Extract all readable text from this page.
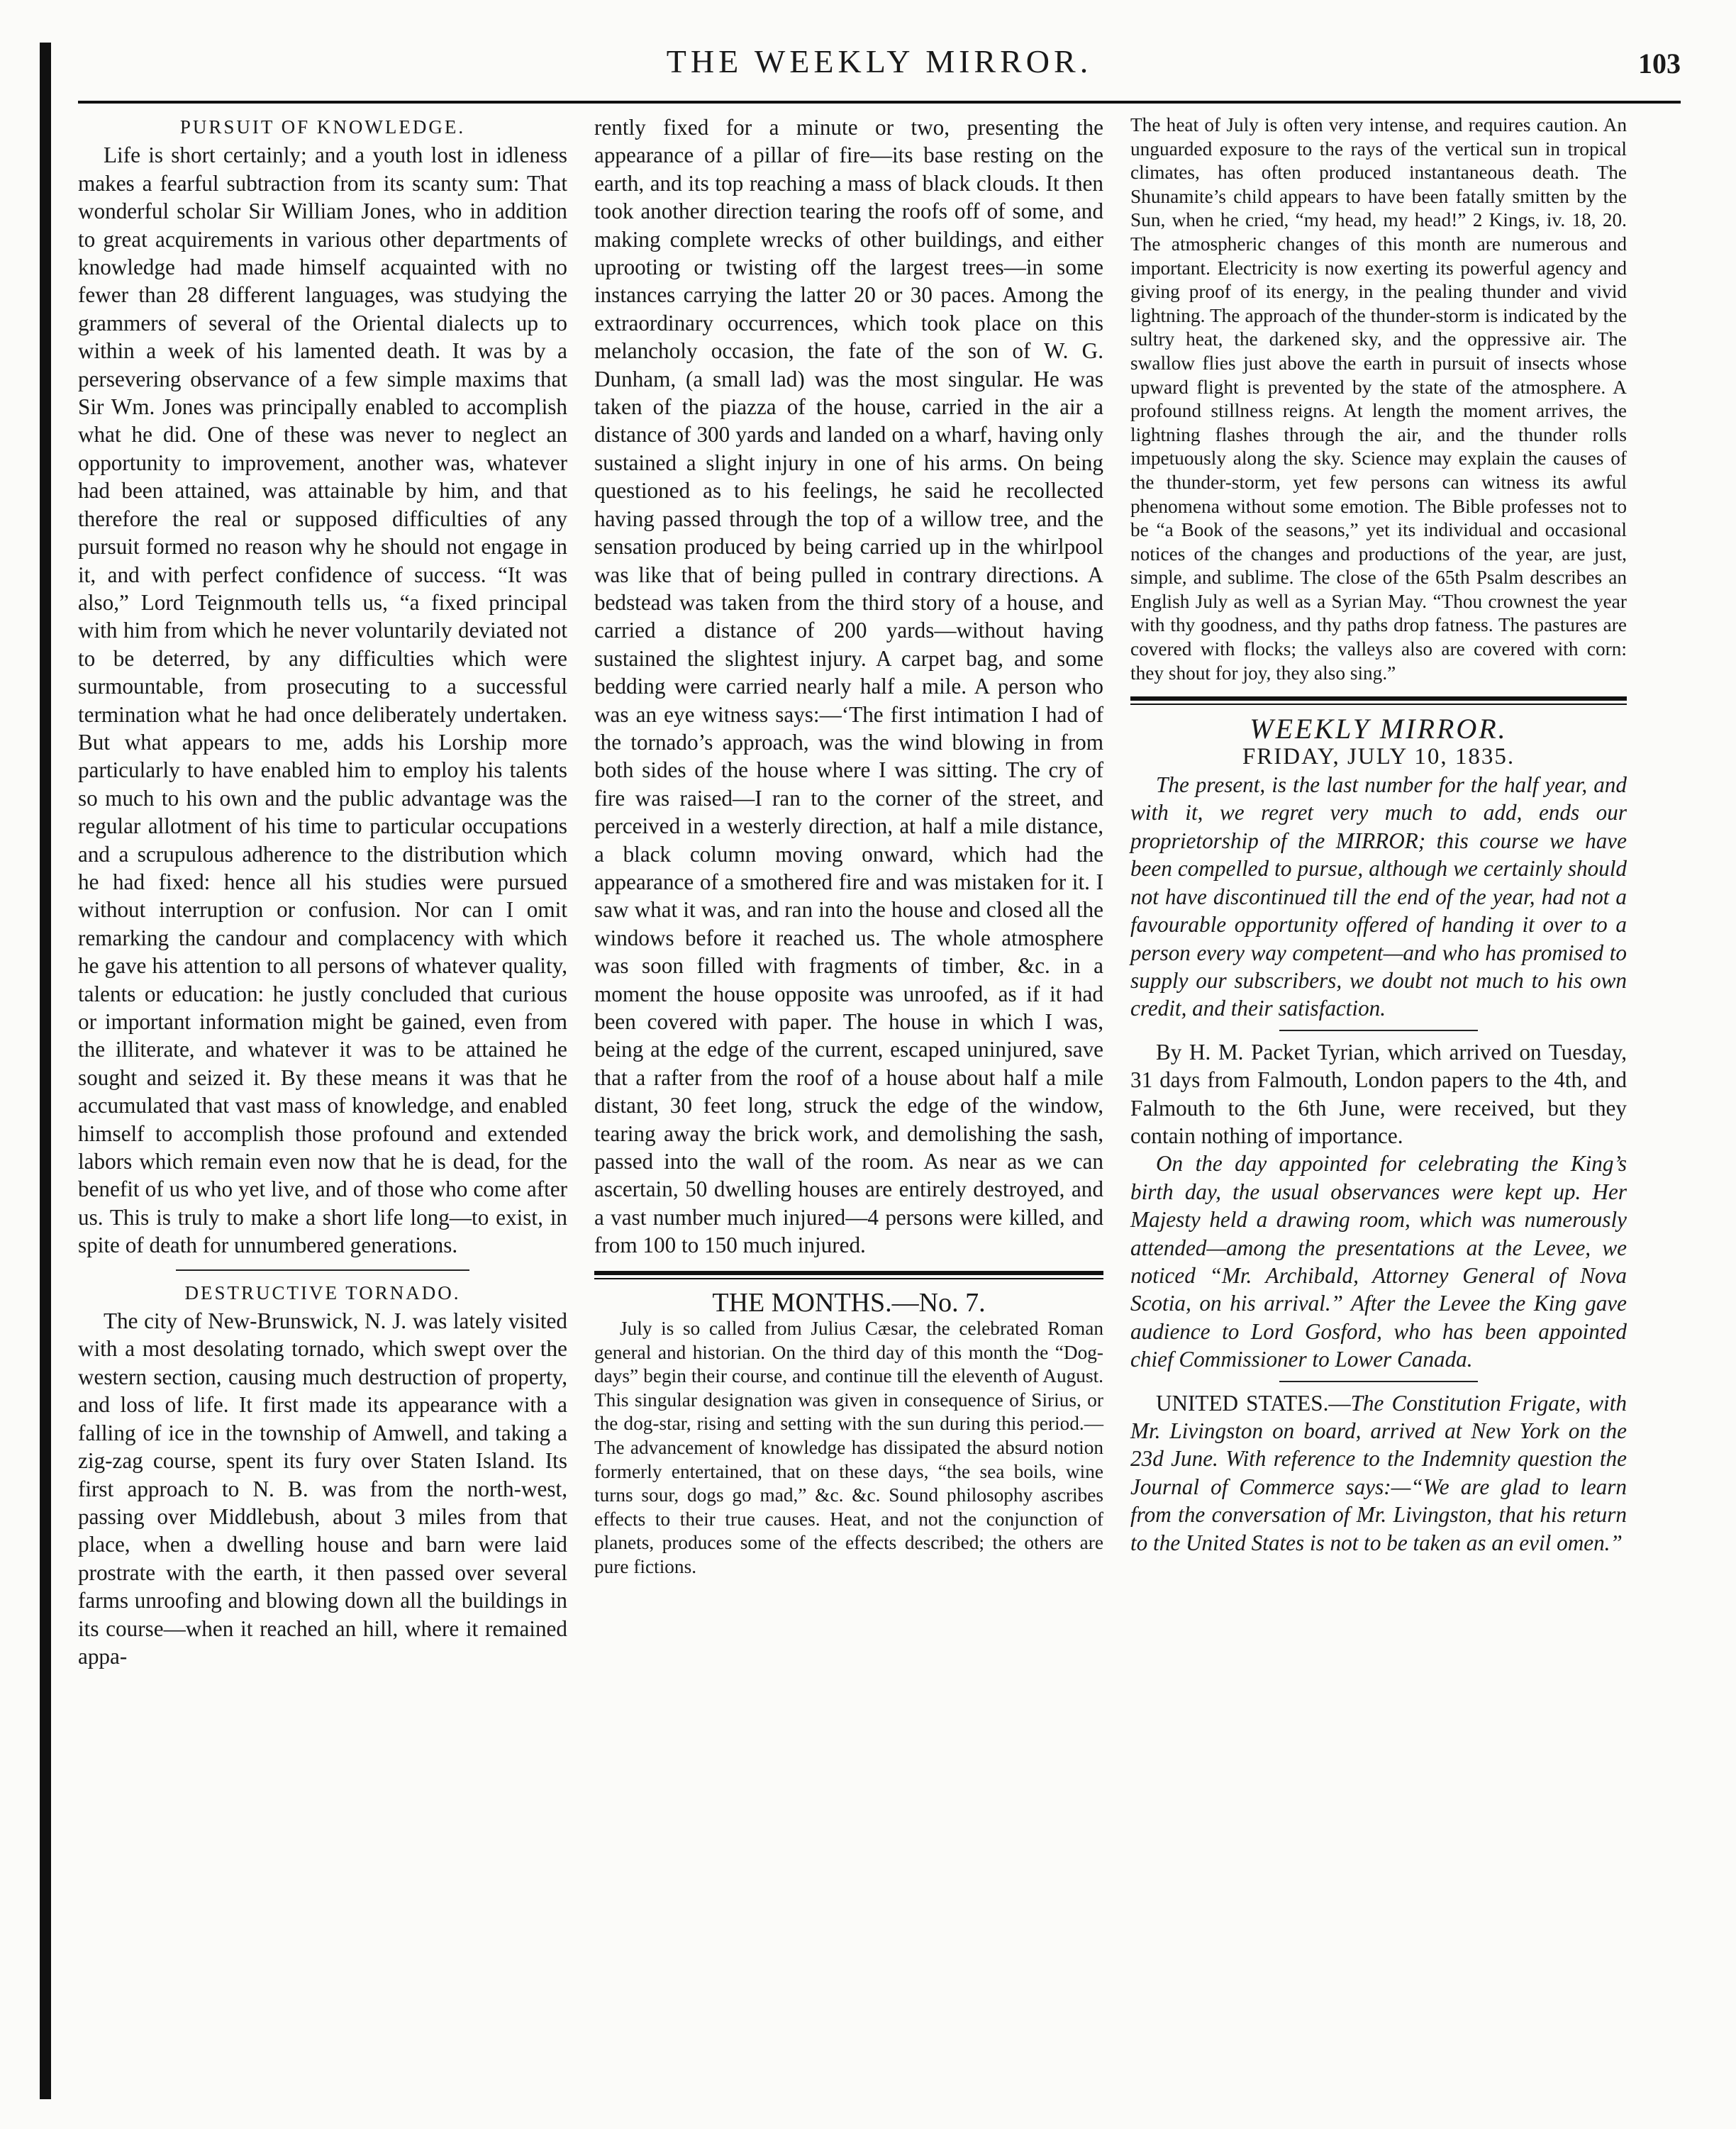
THE WEEKLY MIRROR.	103

PURSUIT OF KNOWLEDGE.

Life is short certainly; and a youth lost in idleness makes a fearful subtraction from its scanty sum: That wonderful scholar Sir William Jones, who in addition to great acquirements in various other departments of knowledge had made himself acquainted with no fewer than 28 different languages, was studying the grammers of several of the Oriental dialects up to within a week of his lamented death. It was by a persevering observance of a few simple maxims that Sir Wm. Jones was principally enabled to accomplish what he did. One of these was never to neglect an opportunity to improvement, another was, whatever had been attained, was attainable by him, and that therefore the real or supposed difficulties of any pursuit formed no reason why he should not engage in it, and with perfect confidence of success. “It was also,” Lord Teignmouth tells us, “a fixed principal with him from which he never voluntarily deviated not to be deterred, by any difficulties which were surmountable, from prosecuting to a successful termination what he had once deliberately undertaken. But what appears to me, adds his Lorship more particularly to have enabled him to employ his talents so much to his own and the public advantage was the regular allotment of his time to particular occupations and a scrupulous adherence to the distribution which he had fixed: hence all his studies were pursued without interruption or confusion. Nor can I omit remarking the candour and complacency with which he gave his attention to all persons of whatever quality, talents or education: he justly concluded that curious or important information might be gained, even from the illiterate, and whatever it was to be attained he sought and seized it. By these means it was that he accumulated that vast mass of knowledge, and enabled himself to accomplish those profound and extended labors which remain even now that he is dead, for the benefit of us who yet live, and of those who come after us. This is truly to make a short life long—to exist, in spite of death for unnumbered generations.

DESTRUCTIVE TORNADO.

The city of New-Brunswick, N. J. was lately visited with a most desolating tornado, which swept over the western section, causing much destruction of property, and loss of life. It first made its appearance with a falling of ice in the township of Amwell, and taking a zig-zag course, spent its fury over Staten Island. Its first approach to N. B. was from the north-west, passing over Middlebush, about 3 miles from that place, when a dwelling house and barn were laid prostrate with the earth, it then passed over several farms unroofing and blowing down all the buildings in its course—when it reached an hill, where it remained appa-

rently fixed for a minute or two, presenting the appearance of a pillar of fire—its base resting on the earth, and its top reaching a mass of black clouds. It then took another direction tearing the roofs off of some, and making complete wrecks of other buildings, and either uprooting or twisting off the largest trees—in some instances carrying the latter 20 or 30 paces. Among the extraordinary occurrences, which took place on this melancholy occasion, the fate of the son of W. G. Dunham, (a small lad) was the most singular. He was taken of the piazza of the house, carried in the air a distance of 300 yards and landed on a wharf, having only sustained a slight injury in one of his arms. On being questioned as to his feelings, he said he recollected having passed through the top of a willow tree, and the sensation produced by being carried up in the whirlpool was like that of being pulled in contrary directions. A bedstead was taken from the third story of a house, and carried a distance of 200 yards—without having sustained the slightest injury. A carpet bag, and some bedding were carried nearly half a mile. A person who was an eye witness says:—‘The first intimation I had of the tornado’s approach, was the wind blowing in from both sides of the house where I was sitting. The cry of fire was raised—I ran to the corner of the street, and perceived in a westerly direction, at half a mile distance, a black column moving onward, which had the appearance of a smothered fire and was mistaken for it. I saw what it was, and ran into the house and closed all the windows before it reached us. The whole atmosphere was soon filled with fragments of timber, &c. in a moment the house opposite was unroofed, as if it had been covered with paper. The house in which I was, being at the edge of the current, escaped uninjured, save that a rafter from the roof of a house about half a mile distant, 30 feet long, struck the edge of the window, tearing away the brick work, and demolishing the sash, passed into the wall of the room. As near as we can ascertain, 50 dwelling houses are entirely destroyed, and a vast number much injured—4 persons were killed, and from 100 to 150 much injured.

THE MONTHS.—No. 7.

July is so called from Julius Cæsar, the celebrated Roman general and historian. On the third day of this month the “Dog-days” begin their course, and continue till the eleventh of August. This singular designation was given in consequence of Sirius, or the dog-star, rising and setting with the sun during this period.—The advancement of knowledge has dissipated the absurd notion formerly entertained, that on these days, “the sea boils, wine turns sour, dogs go mad,” &c. &c. Sound philosophy ascribes effects to their true causes. Heat, and not the conjunction of planets, produces some of the effects described; the others are pure fictions.

The heat of July is often very intense, and requires caution. An unguarded exposure to the rays of the vertical sun in tropical climates, has often produced instantaneous death. The Shunamite’s child appears to have been fatally smitten by the Sun, when he cried, “my head, my head!” 2 Kings, iv. 18, 20. The atmospheric changes of this month are numerous and important. Electricity is now exerting its powerful agency and giving proof of its energy, in the pealing thunder and vivid lightning. The approach of the thunder-storm is indicated by the sultry heat, the darkened sky, and the oppressive air. The swallow flies just above the earth in pursuit of insects whose upward flight is prevented by the state of the atmosphere. A profound stillness reigns. At length the moment arrives, the lightning flashes through the air, and the thunder rolls impetuously along the sky. Science may explain the causes of the thunder-storm, yet few persons can witness its awful phenomena without some emotion. The Bible professes not to be “a Book of the seasons,” yet its individual and occasional notices of the changes and productions of the year, are just, simple, and sublime. The close of the 65th Psalm describes an English July as well as a Syrian May. “Thou crownest the year with thy goodness, and thy paths drop fatness. The pastures are covered with flocks; the valleys also are covered with corn: they shout for joy, they also sing.”

WEEKLY MIRROR.

FRIDAY, JULY 10, 1835.

The present, is the last number for the half year, and with it, we regret very much to add, ends our proprietorship of the MIRROR; this course we have been compelled to pursue, although we certainly should not have discontinued till the end of the year, had not a favourable opportunity offered of handing it over to a person every way competent—and who has promised to supply our subscribers, we doubt not much to his own credit, and their satisfaction.

By H. M. Packet Tyrian, which arrived on Tuesday, 31 days from Falmouth, London papers to the 4th, and Falmouth to the 6th June, were received, but they contain nothing of importance.

On the day appointed for celebrating the King’s birth day, the usual observances were kept up. Her Majesty held a drawing room, which was numerously attended—among the presentations at the Levee, we noticed “Mr. Archibald, Attorney General of Nova Scotia, on his arrival.” After the Levee the King gave audience to Lord Gosford, who has been appointed chief Commissioner to Lower Canada.

UNITED STATES.—The Constitution Frigate, with Mr. Livingston on board, arrived at New York on the 23d June. With reference to the Indemnity question the Journal of Commerce says:—“We are glad to learn from the conversation of Mr. Livingston, that his return to the United States is not to be taken as an evil omen.”
